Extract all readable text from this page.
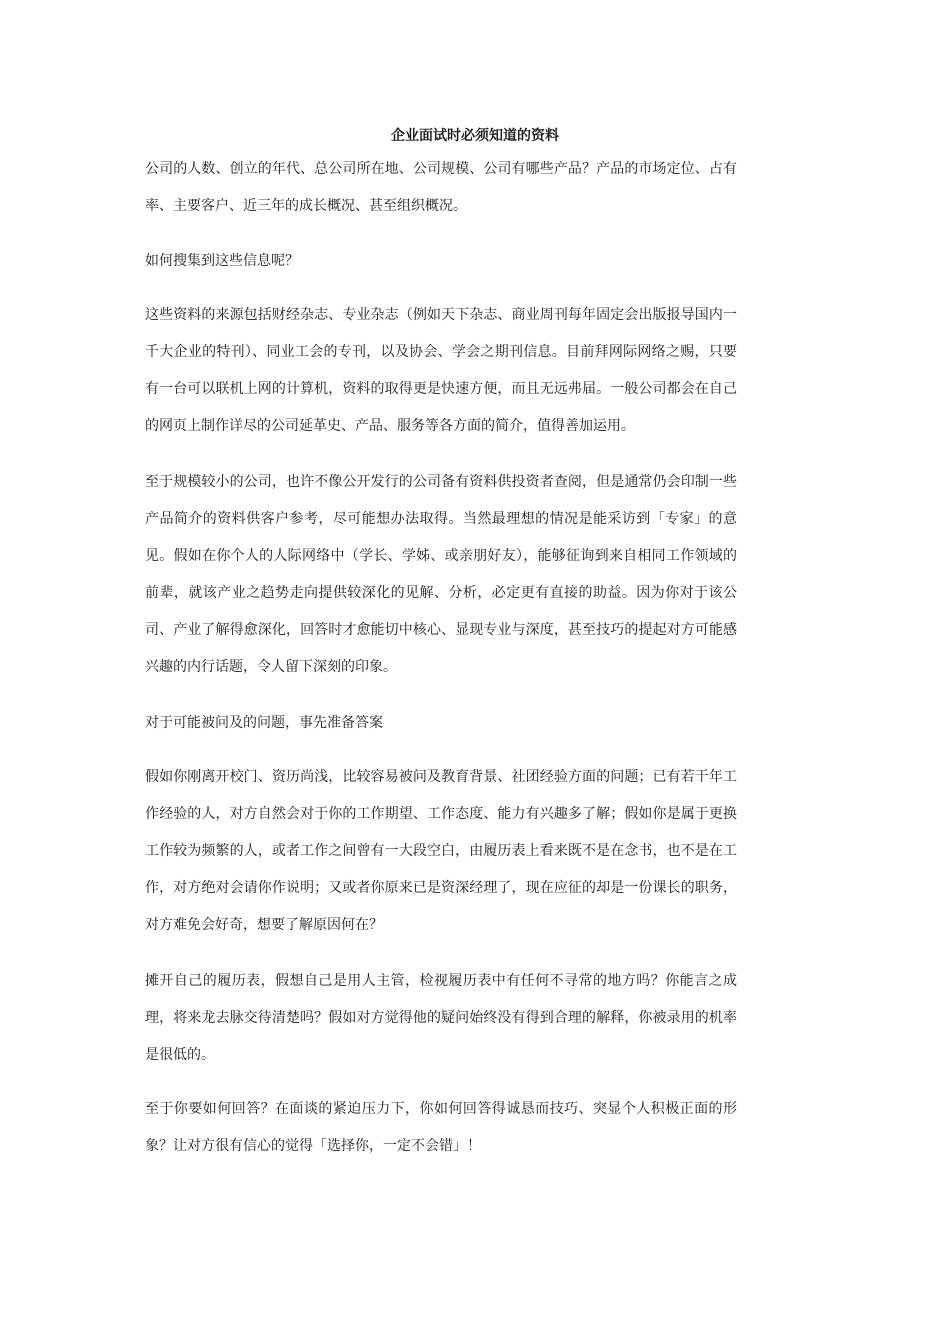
企业面试时必须知道的资料

公司的人数、创立的年代、总公司所在地、公司规模、公司有哪些产品？产品的市场定位、占有率、主要客户、近三年的成长概况、甚至组织概况。

如何搜集到这些信息呢？

这些资料的来源包括财经杂志、专业杂志（例如天下杂志、商业周刊每年固定会出版报导国内一千大企业的特刊）、同业工会的专刊，以及协会、学会之期刊信息。目前拜网际网络之赐，只要有一台可以联机上网的计算机，资料的取得更是快速方便，而且无远弗届。一般公司都会在自己的网页上制作详尽的公司延革史、产品、服务等各方面的简介，值得善加运用。

至于规模较小的公司，也许不像公开发行的公司备有资料供投资者查阅，但是通常仍会印制一些产品简介的资料供客户参考，尽可能想办法取得。当然最理想的情况是能采访到「专家」的意见。假如在你个人的人际网络中（学长、学姊、或亲朋好友），能够征询到来自相同工作领域的前辈，就该产业之趋势走向提供较深化的见解、分析，必定更有直接的助益。因为你对于该公司、产业了解得愈深化，回答时才愈能切中核心、显现专业与深度，甚至技巧的提起对方可能感兴趣的内行话题，令人留下深刻的印象。

对于可能被问及的问题，事先准备答案

假如你刚离开校门、资历尚浅，比较容易被问及教育背景、社团经验方面的问题；已有若干年工作经验的人，对方自然会对于你的工作期望、工作态度、能力有兴趣多了解；假如你是属于更换工作较为频繁的人，或者工作之间曾有一大段空白，由履历表上看来既不是在念书，也不是在工作，对方绝对会请你作说明；又或者你原来已是资深经理了，现在应征的却是一份课长的职务，对方难免会好奇，想要了解原因何在？

摊开自己的履历表，假想自己是用人主管，检视履历表中有任何不寻常的地方吗？你能言之成理，将来龙去脉交待清楚吗？假如对方觉得他的疑问始终没有得到合理的解释，你被录用的机率是很低的。

至于你要如何回答？在面谈的紧迫压力下，你如何回答得诚恳而技巧、突显个人积极正面的形象？让对方很有信心的觉得「选择你，一定不会错」！
